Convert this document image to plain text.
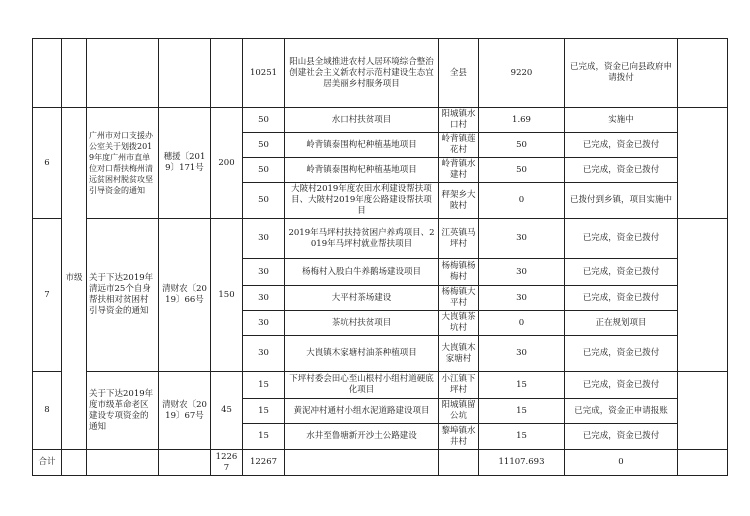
					10251	阳山县全域推进农村人居环境综合整治创建社会主义新农村示范村建设生态宜居美丽乡村服务项目	全县	9220	已完成，资金已向县政府申请拨付	
6	市级	广州市对口支援办公室关于划拨2019年度广州市直单位对口帮扶梅州清远贫困村脱贫攻坚引导资金的通知	穗援〔2019〕171号	200	50	水口村扶贫项目	阳城镇水口村	1.69	实施中	
					50	岭背镇泰围枸杞种植基地项目	岭背镇莲花村	50	已完成，资金已拨付	
					50	岭背镇泰围枸杞种植基地项目	岭背镇水建村	50	已完成，资金已拨付	
					50	大陂村2019年度农田水利建设帮扶项目、大陂村2019年度公路建设帮扶项目	秤架乡大陂村	0	已拨付到乡镇，项目实施中	

7		关于下达2019年清远市25个自身帮扶相对贫困村引导资金的通知	清财农〔2019〕66号	150	30	2019年马坪村扶持贫困户养鸡项目、2019年马坪村就业帮扶项目	江英镇马坪村	30	已完成，资金已拨付	
					30	杨梅村入股白牛养鹅场建设项目	杨梅镇杨梅村	30	已完成，资金已拨付	
					30	大平村茶场建设	杨梅镇大平村	30	已完成，资金已拨付	
					30	茶坑村扶贫项目	大崀镇茶坑村	0	正在规划项目	
					30	大崀镇木家塘村油茶种植项目	大崀镇木家塘村	30	已完成，资金已拨付	
8		关于下达2019年度市级革命老区建设专项资金的通知	清财农〔2019〕67号	45	15	下坪村委会田心至山根村小组村道硬底化项目	小江镇下坪村	15	已完成，资金已拨付	
					15	黄泥冲村通村小组水泥道路建设项目	阳城镇留公坑	15	已完成，资金正申请报账	
					15	水井至鲁塘新开沙土公路建设	黎埠镇水井村	15	已完成，资金已拨付	
合计				12267	12267			11107.693	0	
